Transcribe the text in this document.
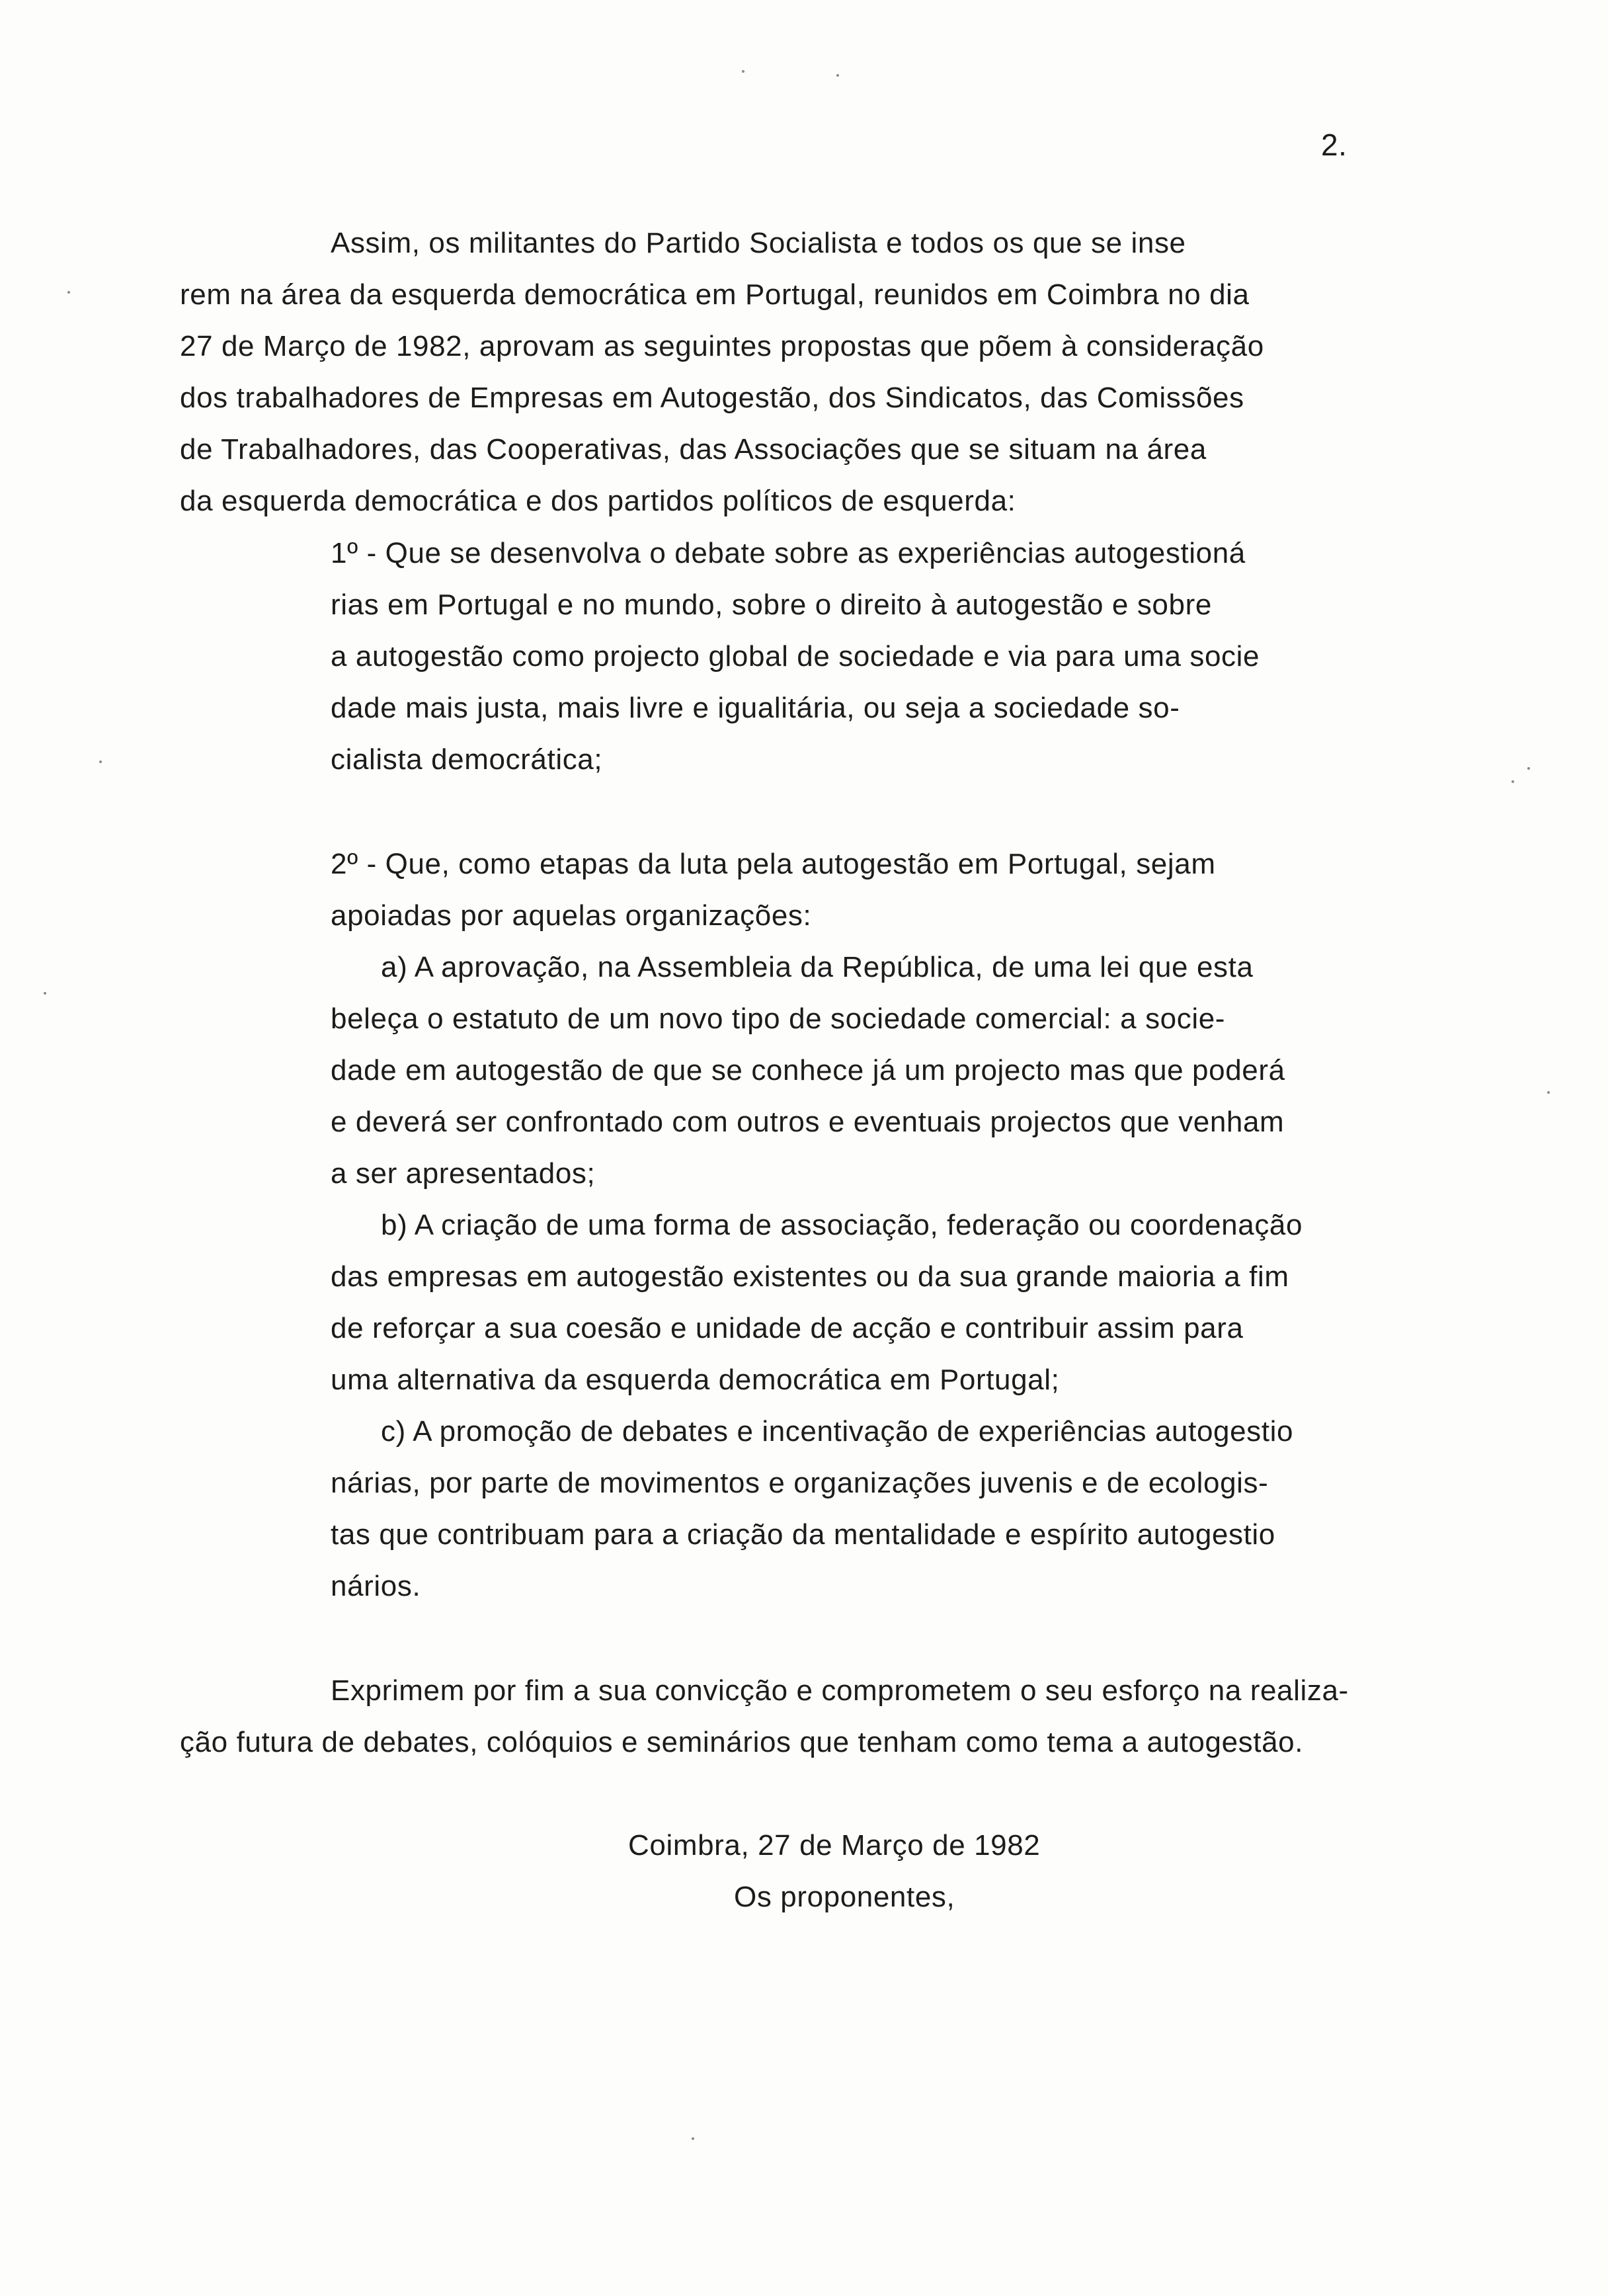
2.
Assim, os militantes do Partido Socialista e todos os que se inse
rem na área da esquerda democrática em Portugal, reunidos em Coimbra no dia
27 de Março de 1982, aprovam as seguintes propostas que põem à consideração
dos trabalhadores de Empresas em Autogestão, dos Sindicatos, das Comissões
de Trabalhadores, das Cooperativas, das Associações que se situam na área
da esquerda democrática e dos partidos políticos de esquerda:
1º - Que se desenvolva o debate sobre as experiências autogestioná
rias em Portugal e no mundo, sobre o direito à autogestão e sobre
a autogestão como projecto global de sociedade e via para uma socie
dade mais justa, mais livre e igualitária, ou seja a sociedade so-
cialista democrática;
2º - Que, como etapas da luta pela autogestão em Portugal, sejam
apoiadas por aquelas organizações:
a) A aprovação, na Assembleia da República, de uma lei que esta
beleça o estatuto de um novo tipo de sociedade comercial: a socie-
dade em autogestão de que se conhece já um projecto mas que poderá
e deverá ser confrontado com outros e eventuais projectos que venham
a ser apresentados;
b) A criação de uma forma de associação, federação ou coordenação
das empresas em autogestão existentes ou da sua grande maioria a fim
de reforçar a sua coesão e unidade de acção e contribuir assim para
uma alternativa da esquerda democrática em Portugal;
c) A promoção de debates e incentivação de experiências autogestio
nárias, por parte de movimentos e organizações juvenis e de ecologis-
tas que contribuam para a criação da mentalidade e espírito autogestio
nários.
Exprimem por fim a sua convicção e comprometem o seu esforço na realiza-
ção futura de debates, colóquios e seminários que tenham como tema a autogestão.
Coimbra, 27 de Março de 1982
Os proponentes,
